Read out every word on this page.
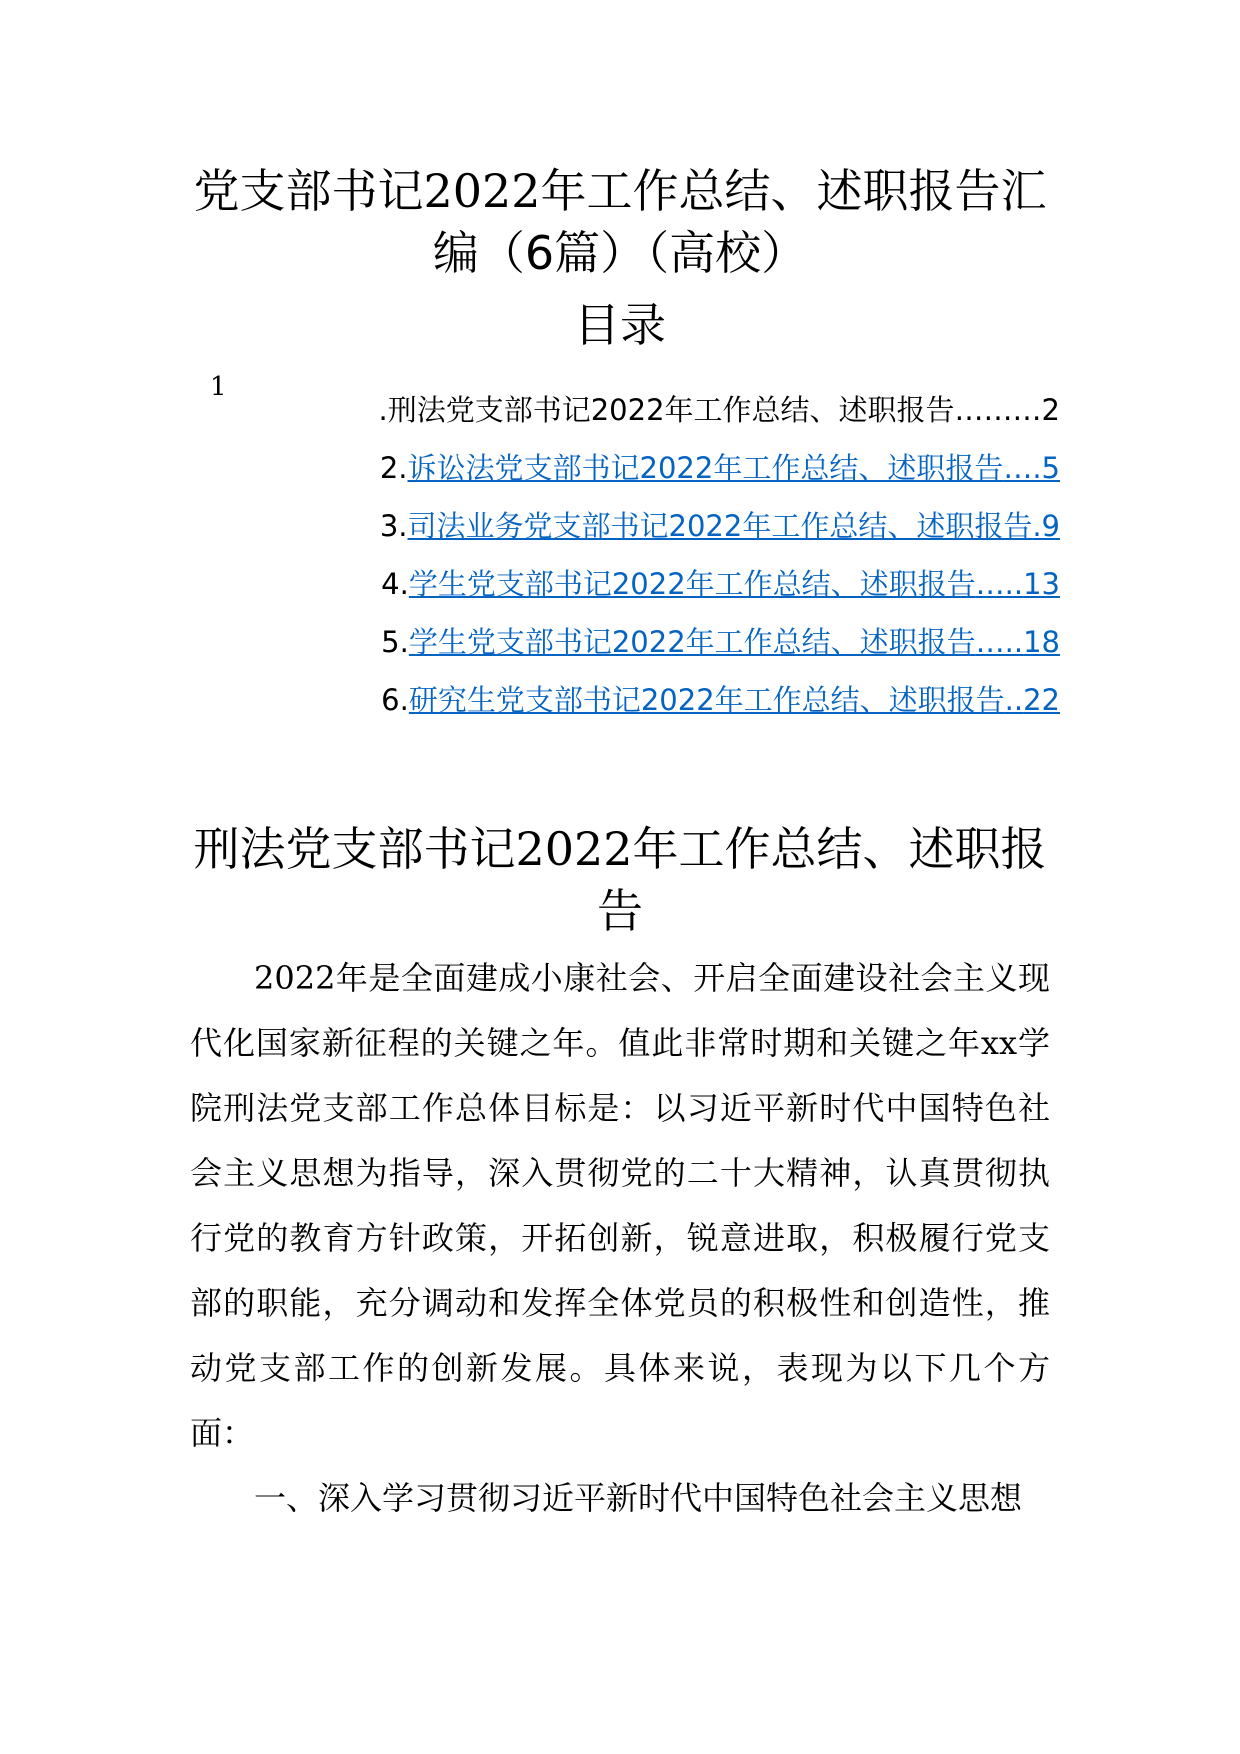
党支部书记2022年工作总结、述职报告汇编（6篇）（高校）
目录
1
.刑法党支部书记2022年工作总结、述职报告………2
2.诉讼法党支部书记2022年工作总结、述职报告….5
3.司法业务党支部书记2022年工作总结、述职报告.9
4.学生党支部书记2022年工作总结、述职报告…..13
5.学生党支部书记2022年工作总结、述职报告…..18
6.研究生党支部书记2022年工作总结、述职报告..22
刑法党支部书记2022年工作总结、述职报告

2022年是全面建成小康社会、开启全面建设社会主义现代化国家新征程的关键之年。值此非常时期和关键之年xx学院刑法党支部工作总体目标是：以习近平新时代中国特色社会主义思想为指导，深入贯彻党的二十大精神，认真贯彻执行党的教育方针政策，开拓创新，锐意进取，积极履行党支部的职能，充分调动和发挥全体党员的积极性和创造性，推动党支部工作的创新发展。具体来说，表现为以下几个方面：

一、深入学习贯彻习近平新时代中国特色社会主义思想
